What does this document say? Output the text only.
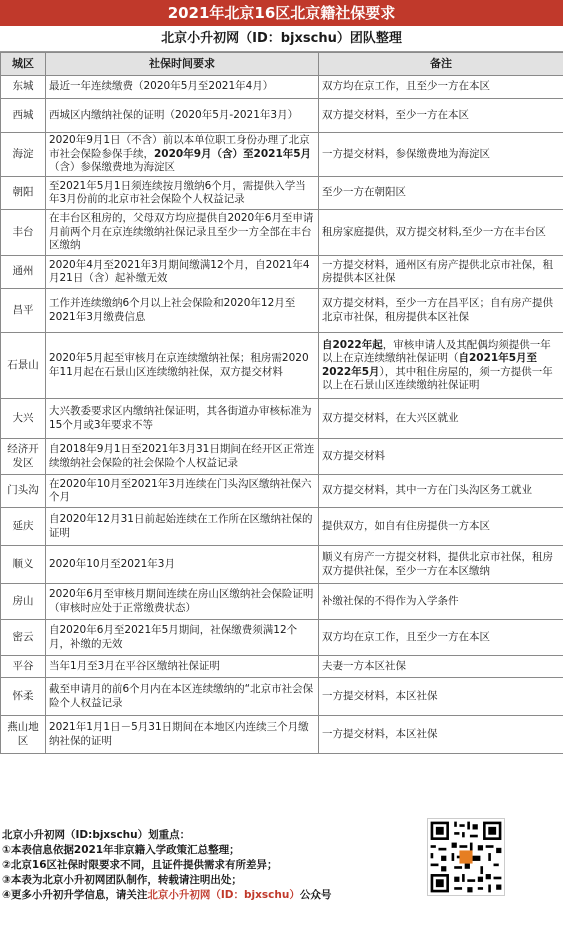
2021年北京16区北京籍社保要求
北京小升初网（ID：bjxschu）团队整理
城区	社保时间要求	备注
东城	最近一年连续缴费（2020年5月至2021年4月）	双方均在京工作，且至少一方在本区
西城	西城区内缴纳社保的证明（2020年5月-2021年3月）	双方提交材料，至少一方在本区
海淀	2020年9月1日（不含）前以本单位职工身份办理了北京市社会保险参保手续，2020年9月（含）至2021年5月（含）参保缴费地为海淀区	一方提交材料，参保缴费地为海淀区
朝阳	至2021年5月1日须连续按月缴纳6个月，需提供入学当年3月份前的北京市社会保险个人权益记录	至少一方在朝阳区
丰台	在丰台区租房的，父母双方均应提供自2020年6月至申请月前两个月在京连续缴纳社保记录且至少一方全部在丰台区缴纳	租房家庭提供，双方提交材料,至少一方在丰台区
通州	2020年4月至2021年3月期间缴满12个月，自2021年4月21日（含）起补缴无效	一方提交材料，通州区有房产提供北京市社保，租房提供本区社保
昌平	工作并连续缴纳6个月以上社会保险和2020年12月至2021年3月缴费信息	双方提交材料，至少一方在昌平区；自有房产提供北京市社保，租房提供本区社保
石景山	2020年5月起至审核月在京连续缴纳社保；租房需2020年11月起在石景山区连续缴纳社保，双方提交材料	自2022年起，审核申请人及其配偶均须提供一年以上在京连续缴纳社保证明（自2021年5月至2022年5月），其中租住房屋的，须一方提供一年以上在石景山区连续缴纳社保证明
大兴	大兴教委要求区内缴纳社保证明，其各街道办审核标准为15个月或3年要求不等	双方提交材料，在大兴区就业
经济开发区	自2018年9月1日至2021年3月31日期间在经开区正常连续缴纳社会保险的社会保险个人权益记录	双方提交材料
门头沟	在2020年10月至2021年3月连续在门头沟区缴纳社保六个月	双方提交材料，其中一方在门头沟区务工就业
延庆	自2020年12月31日前起始连续在工作所在区缴纳社保的证明	提供双方，如自有住房提供一方本区
顺义	2020年10月至2021年3月	顺义有房产一方提交材料，提供北京市社保，租房双方提供社保，至少一方在本区缴纳
房山	2020年6月至审核月期间连续在房山区缴纳社会保险证明（审核时应处于正常缴费状态）	补缴社保的不得作为入学条件
密云	自2020年6月至2021年5月期间，社保缴费须满12个月，补缴的无效	双方均在京工作，且至少一方在本区
平谷	当年1月至3月在平谷区缴纳社保证明	夫妻一方本区社保
怀柔	截至申请月的前6个月内在本区连续缴纳的“北京市社会保险个人权益记录	一方提交材料，本区社保
燕山地区	2021年1月1日－5月31日期间在本地区内连续三个月缴纳社保的证明	一方提交材料，本区社保
北京小升初网（ID:bjxschu）划重点：
①本表信息依据2021年非京籍入学政策汇总整理；
②北京16区社保时限要求不同，且证件提供需求有所差异；
③本表为北京小升初网团队制作，转载请注明出处；
④更多小升初升学信息，请关注北京小升初网（ID：bjxschu）公众号
